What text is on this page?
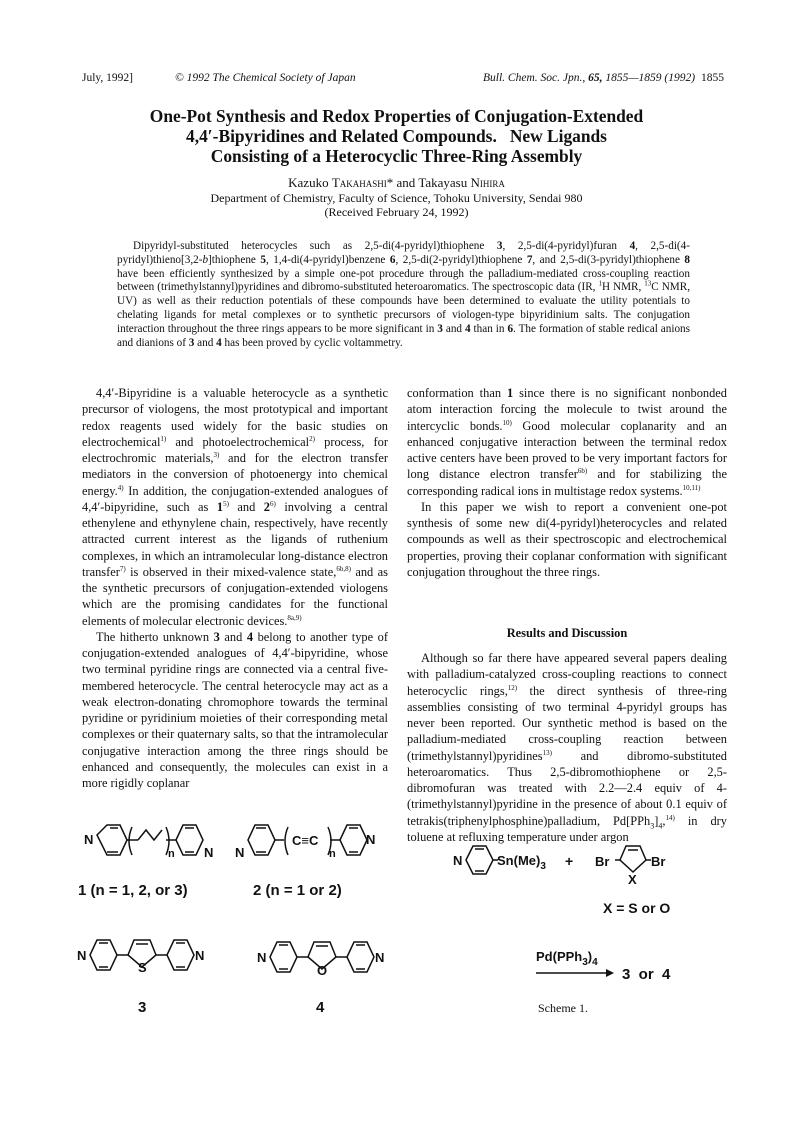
July, 1992]	© 1992 The Chemical Society of Japan	Bull. Chem. Soc. Jpn., 65, 1855—1859 (1992) 1855
One-Pot Synthesis and Redox Properties of Conjugation-Extended
4,4′-Bipyridines and Related Compounds.   New Ligands
Consisting of a Heterocyclic Three-Ring Assembly
Kazuko Takahashi* and Takayasu Nihira
Department of Chemistry, Faculty of Science, Tohoku University, Sendai 980
(Received February 24, 1992)
Dipyridyl-substituted heterocycles such as 2,5-di(4-pyridyl)thiophene 3, 2,5-di(4-pyridyl)furan 4, 2,5-di(4-pyridyl)thieno[3,2-b]thiophene 5, 1,4-di(4-pyridyl)benzene 6, 2,5-di(2-pyridyl)thiophene 7, and 2,5-di(3-pyridyl)thiophene 8 have been efficiently synthesized by a simple one-pot procedure through the palladium-mediated cross-coupling reaction between (trimethylstannyl)pyridines and dibromo-substituted heteroaromatics. The spectroscopic data (IR, $^1$H NMR, $^{13}$C NMR, UV) as well as their reduction potentials of these compounds have been determined to evaluate the utility potentials to chelating ligands for metal complexes or to synthetic precursors of viologen-type bipyridinium salts. The conjugation interaction throughout the three rings appears to be more significant in 3 and 4 than in 6. The formation of stable redical anions and dianions of 3 and 4 has been proved by cyclic voltammetry.

4,4′-Bipyridine is a valuable heterocycle as a synthetic precursor of viologens, the most prototypical and important redox reagents used widely for the basic studies on electrochemical$^{1)}$ and photoelectrochemical$^{2)}$ process, for electrochromic materials,$^{3)}$ and for the electron transfer mediators in the conversion of photoenergy into chemical energy.$^{4)}$ In addition, the conjugation-extended analogues of 4,4′-bipyridine, such as 1$^{5)}$ and 2$^{6)}$ involving a central ethenylene and ethynylene chain, respectively, have recently attracted current interest as the ligands of ruthenium complexes, in which an intramolecular long-distance electron transfer$^{7)}$ is observed in their mixed-valence state,$^{6b,8)}$ and as the synthetic precursors of conjugation-extended viologens which are the promising candidates for the functional elements of molecular electronic devices.$^{8a,9)}$

The hitherto unknown 3 and 4 belong to another type of conjugation-extended analogues of 4,4′-bipyridine, whose two terminal pyridine rings are connected via a central five-membered heterocycle. The central heterocycle may act as a weak electron-donating chromophore towards the terminal pyridine or pyridinium moieties of their corresponding metal complexes or their quaternary salts, so that the intramolecular conjugative interaction among the three rings should be enhanced and consequently, the molecules can exist in a more rigidly coplanar

conformation than 1 since there is no significant nonbonded atom interaction forcing the molecule to twist around the intercyclic bonds.$^{10)}$ Good molecular coplanarity and an enhanced conjugative interaction between the terminal redox active centers have been proved to be very important factors for long distance electron transfer$^{6b)}$ and for stabilizing the corresponding radical ions in multistage redox systems.$^{10,11)}$

In this paper we wish to report a convenient one-pot synthesis of some new di(4-pyridyl)heterocycles and related compounds as well as their spectroscopic and electrochemical properties, proving their coplanar conformation with significant conjugation throughout the three rings.

Results and Discussion

Although so far there have appeared several papers dealing with palladium-catalyzed cross-coupling reactions to connect heterocyclic rings,$^{12)}$ the direct synthesis of three-ring assemblies consisting of two terminal 4-pyridyl groups has never been reported. Our synthetic method is based on the palladium-mediated cross-coupling reaction between (trimethylstannyl)pyridines$^{13)}$ and dibromo-substituted heteroaromatics. Thus 2,5-dibromothiophene or 2,5-dibromofuran was treated with 2.2—2.4 equiv of 4-(trimethylstannyl)pyridine in the presence of about 0.1 equiv of tetrakis(triphenylphosphine)palladium, $Pd[PPh_3]_4,^{14)}$ in dry toluene at refluxing temperature under argon

N
N
n
1 (n = 1, 2, or 3)
C≡C
N
N
n
2 (n = 1 or 2)
N
S
N
3
N
O
N
4
N	$Sn(Me)_3 + Br$	Br
X
X = S or O
$Pd(PPh_3)_4$
3  or  4
Scheme 1.
